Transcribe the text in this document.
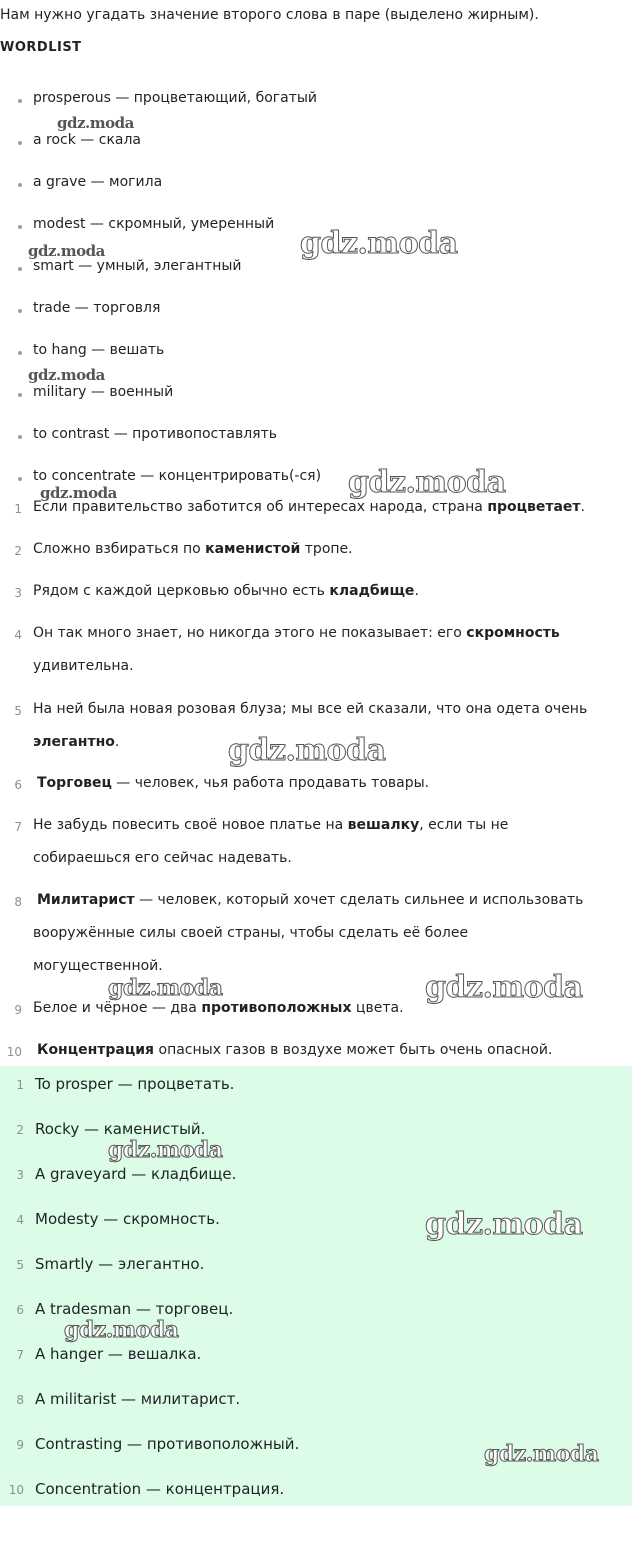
Нам нужно угадать значение второго слова в паре (выделено жирным).
WORDLIST
prosperous — процветающий, богатый
a rock — скала
a grave — могила
modest — скромный, умеренный
smart — умный, элегантный
trade — торговля
to hang — вешать
military — военный
to contrast — противопоставлять
to concentrate — концентрировать(-ся)
1 Если правительство заботится об интересах народа, страна процветает.
2 Сложно взбираться по каменистой тропе.
3 Рядом с каждой церковью обычно есть кладбище.
4 Он так много знает, но никогда этого не показывает: его скромность
удивительна.
5 На ней была новая розовая блуза; мы все ей сказали, что она одета очень
элегантно.
6 Торговец — человек, чья работа продавать товары.
7 Не забудь повесить своё новое платье на вешалку, если ты не
собираешься его сейчас надевать.
8 Милитарист — человек, который хочет сделать сильнее и использовать
вооружённые силы своей страны, чтобы сделать её более
могущественной.
9 Белое и чёрное — два противоположных цвета.
10 Концентрация опасных газов в воздухе может быть очень опасной.
1 To prosper — процветать.
2 Rocky — каменистый.
3 A graveyard — кладбище.
4 Modesty — скромность.
5 Smartly — элегантно.
6 A tradesman — торговец.
7 A hanger — вешалка.
8 A militarist — милитарист.
9 Contrasting — противоположный.
10 Concentration — концентрация.
gdz.moda
gdz.moda	gdz.moda
gdz.moda
gdz.moda
gdz.moda
gdz.moda
gdz.moda	gdz.moda
gdz.moda
gdz.moda
gdz.moda
gdz.moda
